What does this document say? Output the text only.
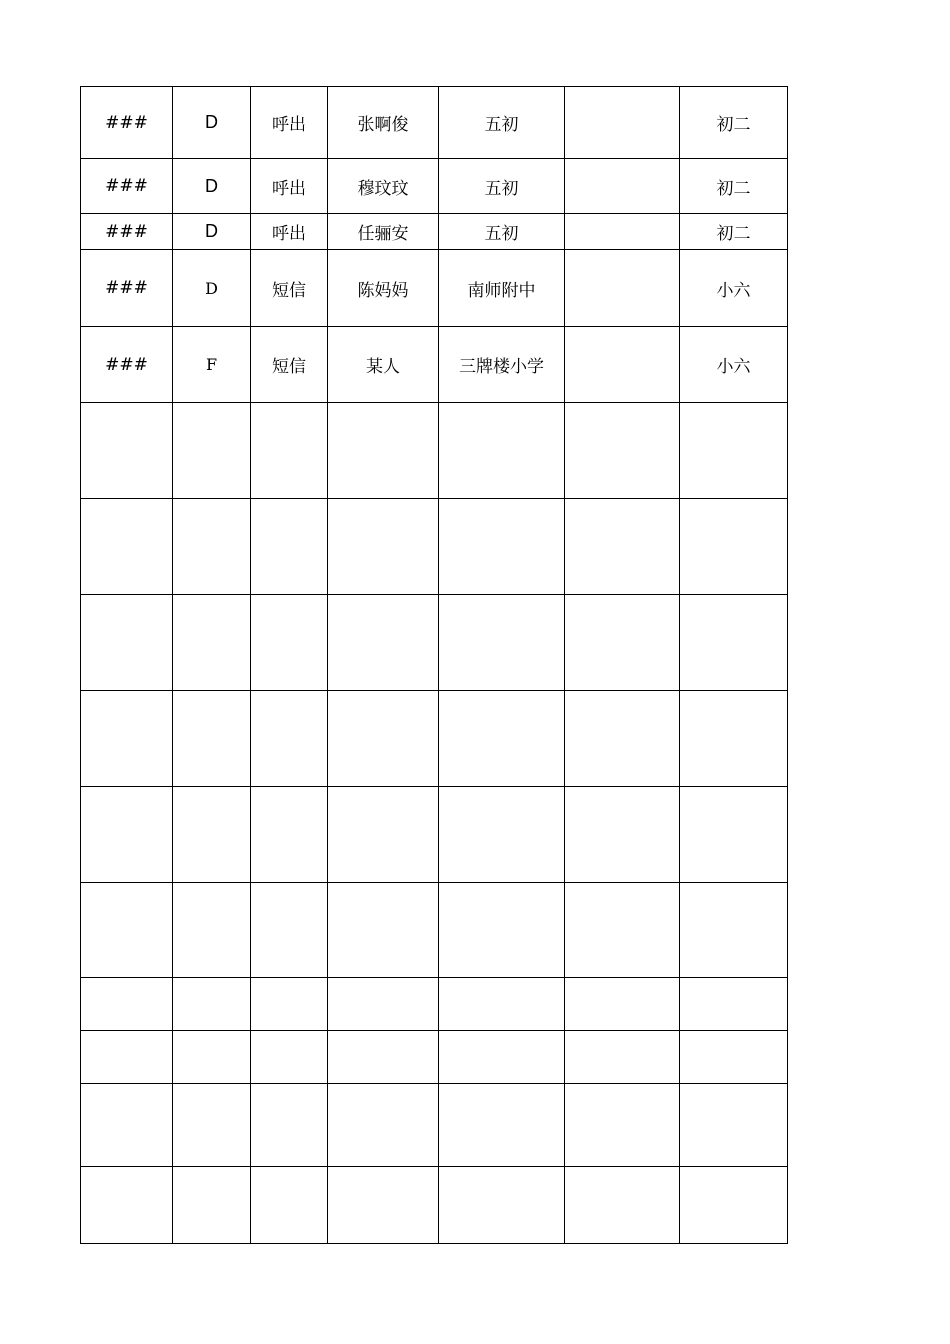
###	D	呼出	张啊俊	五初		初二
###	D	呼出	穆玟玟	五初		初二
###	D	呼出	任骊安	五初		初二
###	D	短信	陈妈妈	南师附中		小六
###	F	短信	某人	三牌楼小学		小六
